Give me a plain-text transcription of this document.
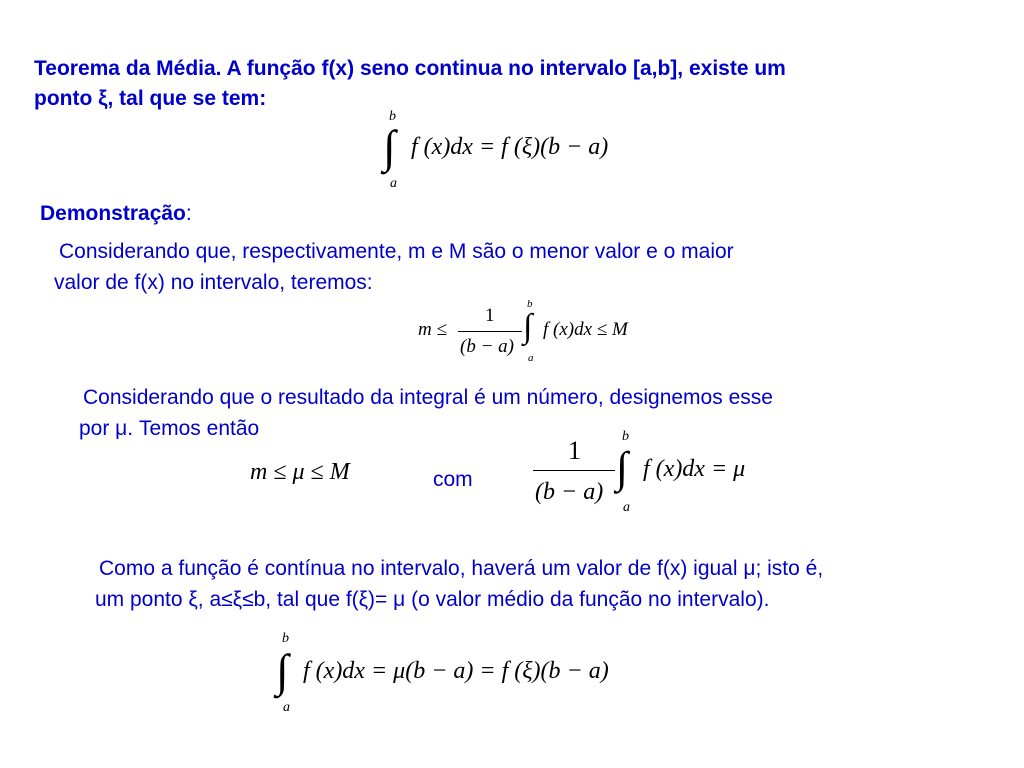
Teorema da Média. A função f(x) seno continua no intervalo [a,b], existe um
ponto ξ, tal que se tem:
b
∫
a
f (x)dx = f (ξ)(b − a)
Demonstração:
Considerando que, respectivamente, m e M são o menor valor e o maior
valor de f(x) no intervalo, teremos:
m ≤
1
(b − a)
b
∫
a
f (x)dx ≤ M
Considerando que o resultado da integral é um número, designemos esse
por μ. Temos então
m ≤ μ ≤ M	com
1
(b − a)
b
∫
a
f (x)dx = μ
Como a função é contínua no intervalo, haverá um valor de f(x) igual μ; isto é,
um ponto ξ, a≤ξ≤b, tal que f(ξ)= μ (o valor médio da função no intervalo).
b
∫
a
f (x)dx = μ(b − a) = f (ξ)(b − a)
